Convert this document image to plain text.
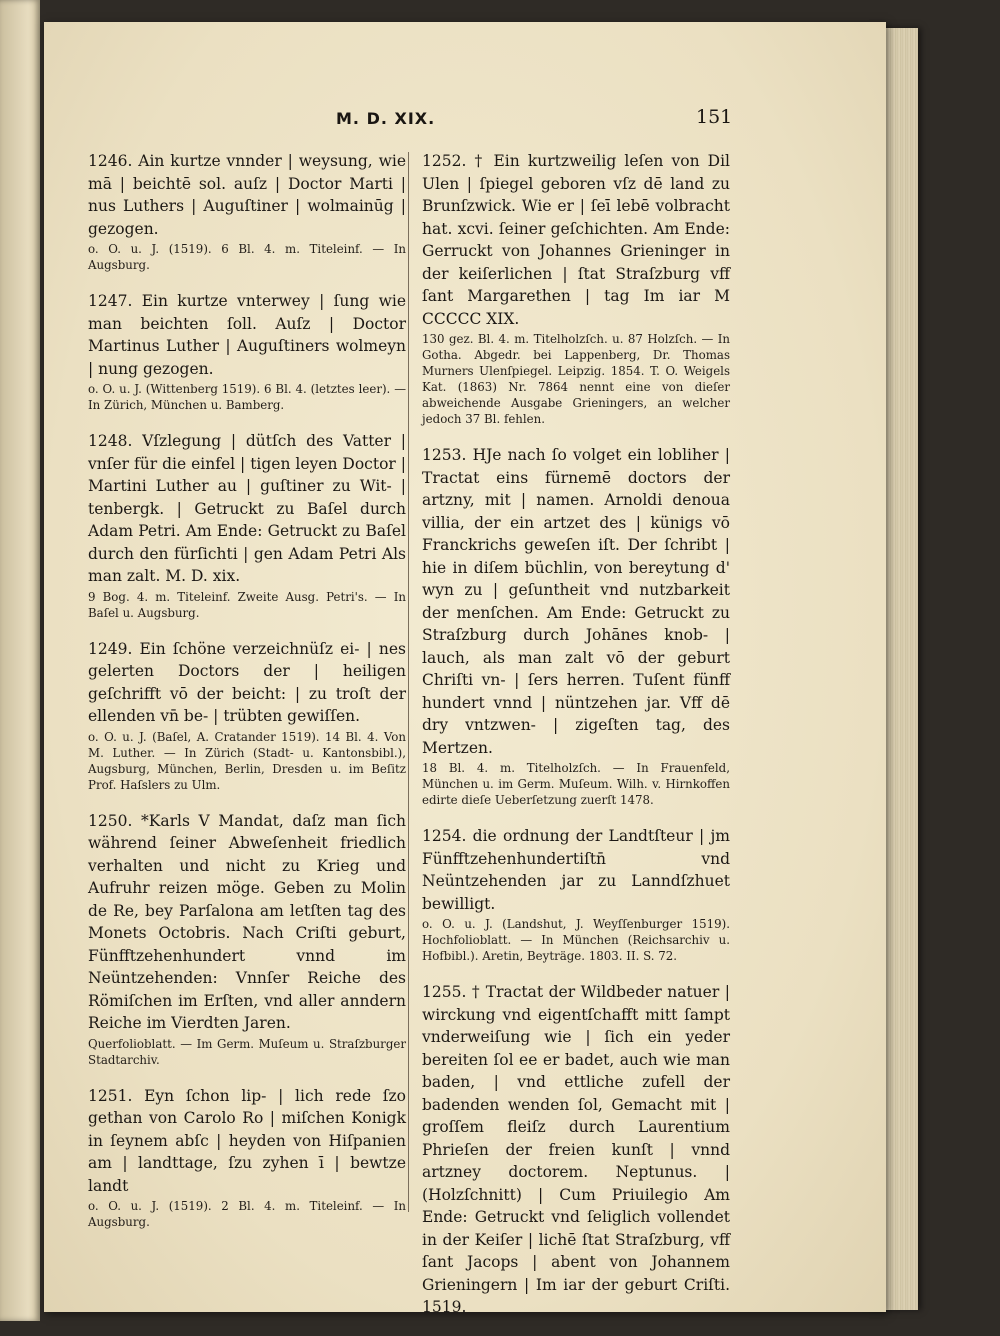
M. D. XIX.	151

1246. Ain kurtze vnnder | weysung, wie mā | beichtē sol. auſz | Doctor Marti | nus Luthers | Auguſtiner | wolmainūg | gezogen.

o. O. u. J. (1519). 6 Bl. 4. m. Titeleinf. — In Augsburg.

1247. Ein kurtze vnterwey | ſung wie man beichten ſoll. Auſz | Doctor Martinus Luther | Auguſtiners wolmeyn | nung gezogen.

o. O. u. J. (Wittenberg 1519). 6 Bl. 4. (letztes leer). — In Zürich, München u. Bamberg.

1248. Vſzlegung | dütſch des Vatter | vnſer für die einfel | tigen leyen Doctor | Martini Luther au | guſtiner zu Wit- | tenbergk. | Getruckt zu Baſel durch Adam Petri. Am Ende: Getruckt zu Baſel durch den fürſichti | gen Adam Petri Als man zalt. M. D. xix.

9 Bog. 4. m. Titeleinf. Zweite Ausg. Petri's. — In Baſel u. Augsburg.

1249. Ein ſchöne verzeichnüſz ei- | nes gelerten Doctors der | heiligen geſchrifft vō der beicht: | zu troſt der ellenden vn̄ be- | trübten gewiſſen.

o. O. u. J. (Baſel, A. Cratander 1519). 14 Bl. 4. Von M. Luther. — In Zürich (Stadt- u. Kantonsbibl.), Augsburg, München, Berlin, Dresden u. im Beſitz Prof. Haſslers zu Ulm.

1250. *Karls V Mandat, daſz man ſich während ſeiner Abweſenheit friedlich verhalten und nicht zu Krieg und Aufruhr reizen möge. Geben zu Molin de Re, bey Parſalona am letſten tag des Monets Octobris. Nach Criſti geburt, Fünfftzehenhundert vnnd im Neüntzehenden: Vnnſer Reiche des Römiſchen im Erſten, vnd aller anndern Reiche im Vierdten Jaren.

Querfolioblatt. — Im Germ. Muſeum u. Straſzburger Stadtarchiv.

1251. Eyn ſchon lip- | lich rede ſzo gethan von Carolo Ro | miſchen Konigk in ſeynem abſc | heyden von Hiſpanien am | landttage, ſzu zyhen ī | bewtze landt

o. O. u. J. (1519). 2 Bl. 4. m. Titeleinf. — In Augsburg.

1252. † Ein kurtzweilig leſen von Dil Ulen | ſpiegel geboren vſz dē land zu Brunſzwick. Wie er | ſeī lebē volbracht hat. xcvi. ſeiner geſchichten. Am Ende: Gerruckt von Johannes Grieninger in der keiſerlichen | ſtat Straſzburg vff ſant Margarethen | tag Im iar M CCCCC XIX.

130 gez. Bl. 4. m. Titelholzſch. u. 87 Holzſch. — In Gotha. Abgedr. bei Lappenberg, Dr. Thomas Murners Ulenſpiegel. Leipzig. 1854. T. O. Weigels Kat. (1863) Nr. 7864 nennt eine von dieſer abweichende Ausgabe Grieningers, an welcher jedoch 37 Bl. fehlen.

1253. HJe nach ſo volget ein lobliher | Tractat eins fürnemē doctors der artzny, mit | namen. Arnoldi denoua villia, der ein artzet des | künigs vō Franckrichs geweſen iſt. Der ſchribt | hie in diſem büchlin, von bereytung d' wyn zu | geſuntheit vnd nutzbarkeit der menſchen. Am Ende: Getruckt zu Straſzburg durch Johānes knob- | lauch, als man zalt vō der geburt Chriſti vn- | ſers herren. Tuſent fünff hundert vnnd | nüntzehen jar. Vff dē dry vntzwen- | zigeſten tag, des Mertzen.

18 Bl. 4. m. Titelholzſch. — In Frauenfeld, München u. im Germ. Muſeum. Wilh. v. Hirnkoffen edirte dieſe Ueberſetzung zuerſt 1478.

1254. die ordnung der Landtſteur | jm Fünfftzehenhundertiſtn̄ vnd Neüntzehenden jar zu Lanndſzhuet bewilligt.

o. O. u. J. (Landshut, J. Weyſſenburger 1519). Hochfolioblatt. — In München (Reichsarchiv u. Hofbibl.). Aretin, Beyträge. 1803. II. S. 72.

1255. † Tractat der Wildbeder natuer | wirckung vnd eigentſchafft mitt ſampt vnderweiſung wie | ſich ein yeder bereiten ſol ee er badet, auch wie man baden, | vnd ettliche zufell der badenden wenden ſol, Gemacht mit | groſſem fleiſz durch Laurentium Phrieſen der freien kunſt | vnnd artzney doctorem. Neptunus. | (Holzſchnitt) | Cum Priuilegio Am Ende: Getruckt vnd ſeliglich vollendet in der Keiſer | lichē ſtat Straſzburg, vff ſant Jacops | abent von Johannem Grieningern | Im iar der geburt Criſti. 1519.
